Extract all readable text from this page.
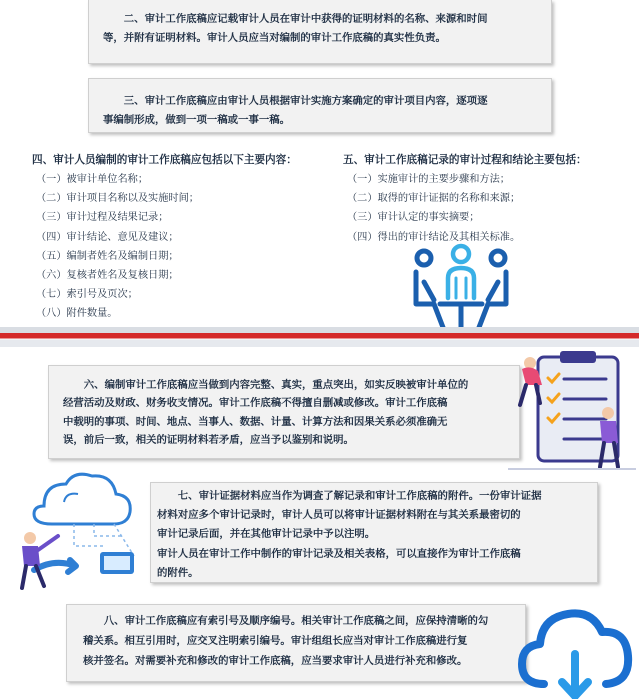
二、审计工作底稿应记载审计人员在审计中获得的证明材料的名称、来源和时间

等，并附有证明材料。审计人员应当对编制的审计工作底稿的真实性负责。

三、审计工作底稿应由审计人员根据审计实施方案确定的审计项目内容，逐项逐

事编制形成，做到一项一稿或一事一稿。

四、审计人员编制的审计工作底稿应包括以下主要内容：
（一）被审计单位名称；
（二）审计项目名称以及实施时间；
（三）审计过程及结果记录；
（四）审计结论、意见及建议；
（五）编制者姓名及编制日期；
（六）复核者姓名及复核日期；
（七）索引号及页次；
（八）附件数量。
五、审计工作底稿记录的审计过程和结论主要包括：
（一）实施审计的主要步骤和方法；
（二）取得的审计证据的名称和来源；
（三）审计认定的事实摘要；
（四）得出的审计结论及其相关标准。

六、编制审计工作底稿应当做到内容完整、真实，重点突出，如实反映被审计单位的

经营活动及财政、财务收支情况。审计工作底稿不得擅自删减或修改。审计工作底稿

中载明的事项、时间、地点、当事人、数据、计量、计算方法和因果关系必须准确无

误，前后一致，相关的证明材料若矛盾，应当予以鉴别和说明。

七、审计证据材料应当作为调查了解记录和审计工作底稿的附件。一份审计证据

材料对应多个审计记录时，审计人员可以将审计证据材料附在与其关系最密切的

审计记录后面，并在其他审计记录中予以注明。

审计人员在审计工作中制作的审计记录及相关表格，可以直接作为审计工作底稿

的附件。

八、审计工作底稿应有索引号及顺序编号。相关审计工作底稿之间，应保持清晰的勾

稽关系。相互引用时，应交叉注明索引编号。审计组组长应当对审计工作底稿进行复

核并签名。对需要补充和修改的审计工作底稿，应当要求审计人员进行补充和修改。
